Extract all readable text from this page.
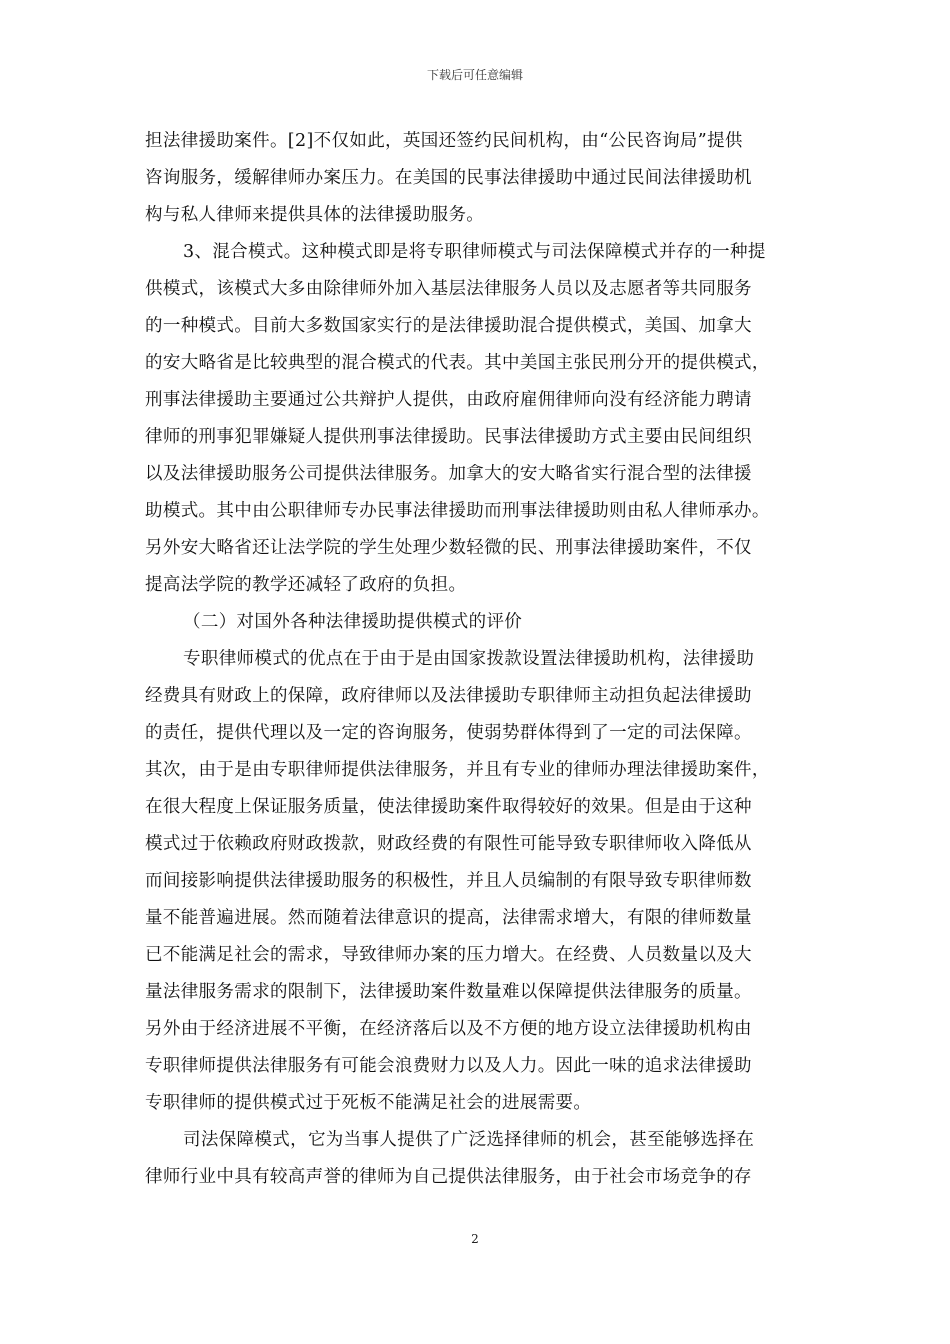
下载后可任意编辑
担法律援助案件。[2]不仅如此，英国还签约民间机构，由“公民咨询局”提供
咨询服务，缓解律师办案压力。在美国的民事法律援助中通过民间法律援助机
构与私人律师来提供具体的法律援助服务。
3、混合模式。这种模式即是将专职律师模式与司法保障模式并存的一种提
供模式，该模式大多由除律师外加入基层法律服务人员以及志愿者等共同服务
的一种模式。目前大多数国家实行的是法律援助混合提供模式，美国、加拿大
的安大略省是比较典型的混合模式的代表。其中美国主张民刑分开的提供模式，
刑事法律援助主要通过公共辩护人提供，由政府雇佣律师向没有经济能力聘请
律师的刑事犯罪嫌疑人提供刑事法律援助。民事法律援助方式主要由民间组织
以及法律援助服务公司提供法律服务。加拿大的安大略省实行混合型的法律援
助模式。其中由公职律师专办民事法律援助而刑事法律援助则由私人律师承办。
另外安大略省还让法学院的学生处理少数轻微的民、刑事法律援助案件，不仅
提高法学院的教学还减轻了政府的负担。
（二）对国外各种法律援助提供模式的评价
专职律师模式的优点在于由于是由国家拨款设置法律援助机构，法律援助
经费具有财政上的保障，政府律师以及法律援助专职律师主动担负起法律援助
的责任，提供代理以及一定的咨询服务，使弱势群体得到了一定的司法保障。
其次，由于是由专职律师提供法律服务，并且有专业的律师办理法律援助案件，
在很大程度上保证服务质量，使法律援助案件取得较好的效果。但是由于这种
模式过于依赖政府财政拨款，财政经费的有限性可能导致专职律师收入降低从
而间接影响提供法律援助服务的积极性，并且人员编制的有限导致专职律师数
量不能普遍进展。然而随着法律意识的提高，法律需求增大，有限的律师数量
已不能满足社会的需求，导致律师办案的压力增大。在经费、人员数量以及大
量法律服务需求的限制下，法律援助案件数量难以保障提供法律服务的质量。
另外由于经济进展不平衡，在经济落后以及不方便的地方设立法律援助机构由
专职律师提供法律服务有可能会浪费财力以及人力。因此一味的追求法律援助
专职律师的提供模式过于死板不能满足社会的进展需要。
司法保障模式，它为当事人提供了广泛选择律师的机会，甚至能够选择在
律师行业中具有较高声誉的律师为自己提供法律服务，由于社会市场竞争的存
2
